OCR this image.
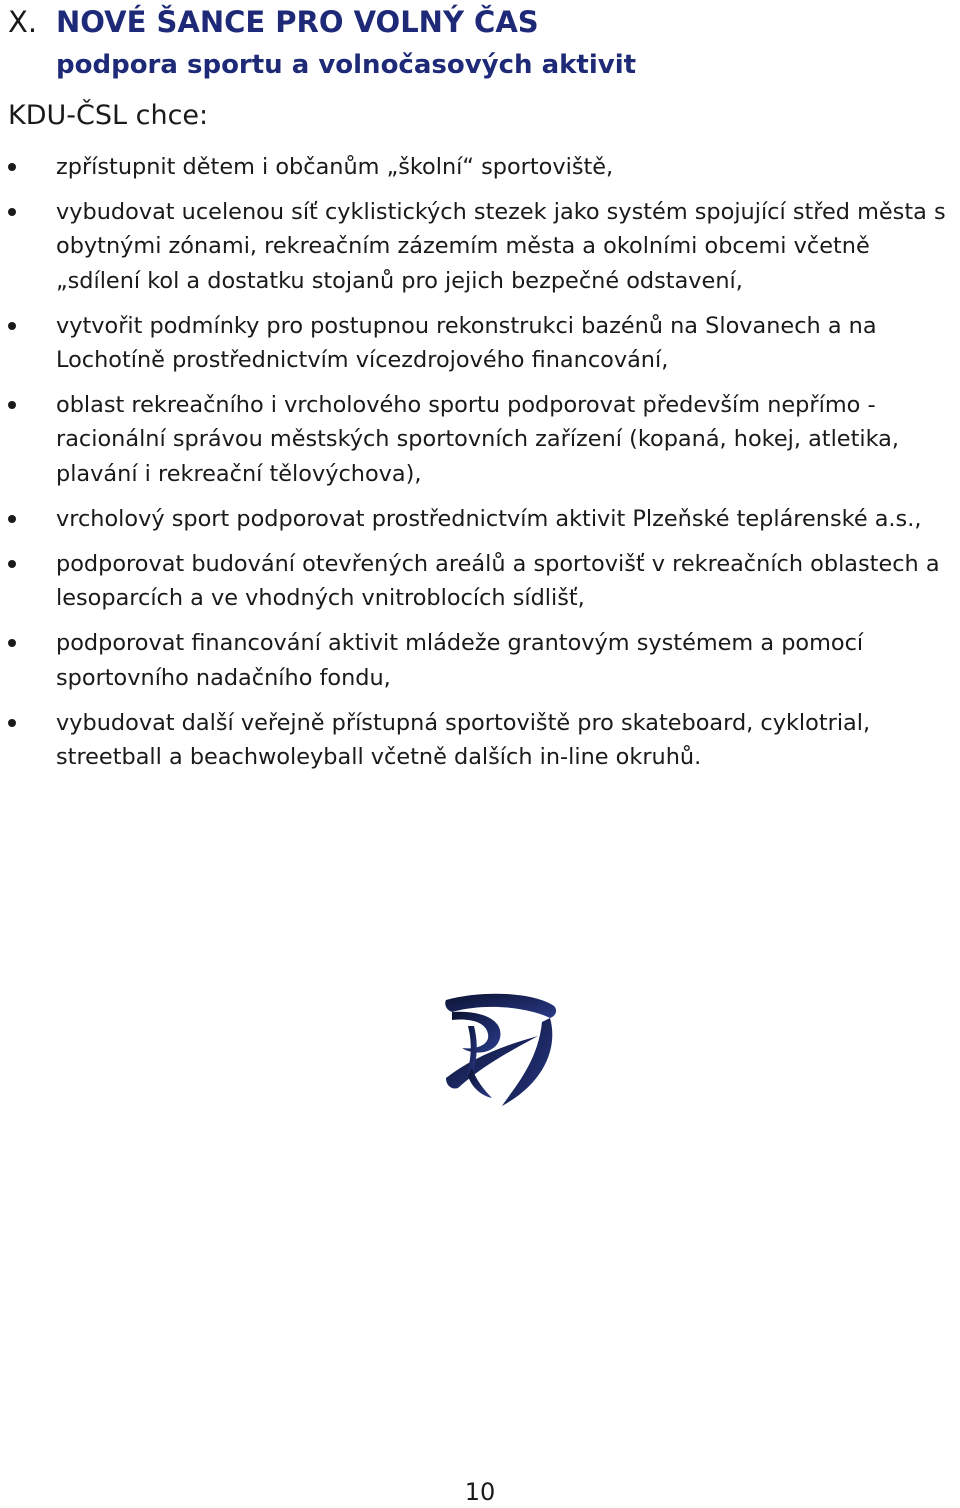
X. NOVÉ ŠANCE PRO VOLNÝ ČAS
podpora sportu a volnočasových aktivit

KDU-ČSL chce:

zpřístupnit dětem i občanům „školní“ sportoviště,
vybudovat ucelenou síť cyklistických stezek jako systém spojující střed města s obytnými zónami, rekreačním zázemím města a okolními obcemi včetně „sdílení kol a dostatku stojanů pro jejich bezpečné odstavení,
vytvořit podmínky pro postupnou rekonstrukci bazénů na Slovanech a na Lochotíně prostřednictvím vícezdrojového financování,
oblast rekreačního i vrcholového sportu podporovat především nepřímo - racionální správou městských sportovních zařízení (kopaná, hokej, atletika, plavání i rekreační tělovýchova),
vrcholový sport podporovat prostřednictvím aktivit Plzeňské teplárenské a.s.,
podporovat budování otevřených areálů a sportovišť v rekreačních oblastech a lesoparcích a ve vhodných vnitroblocích sídlišť,
podporovat financování aktivit mládeže grantovým systémem a pomocí sportovního nadačního fondu,
vybudovat další veřejně přístupná sportoviště pro skateboard, cyklotrial, streetball a beachwoleyball včetně dalších in-line okruhů.
10
